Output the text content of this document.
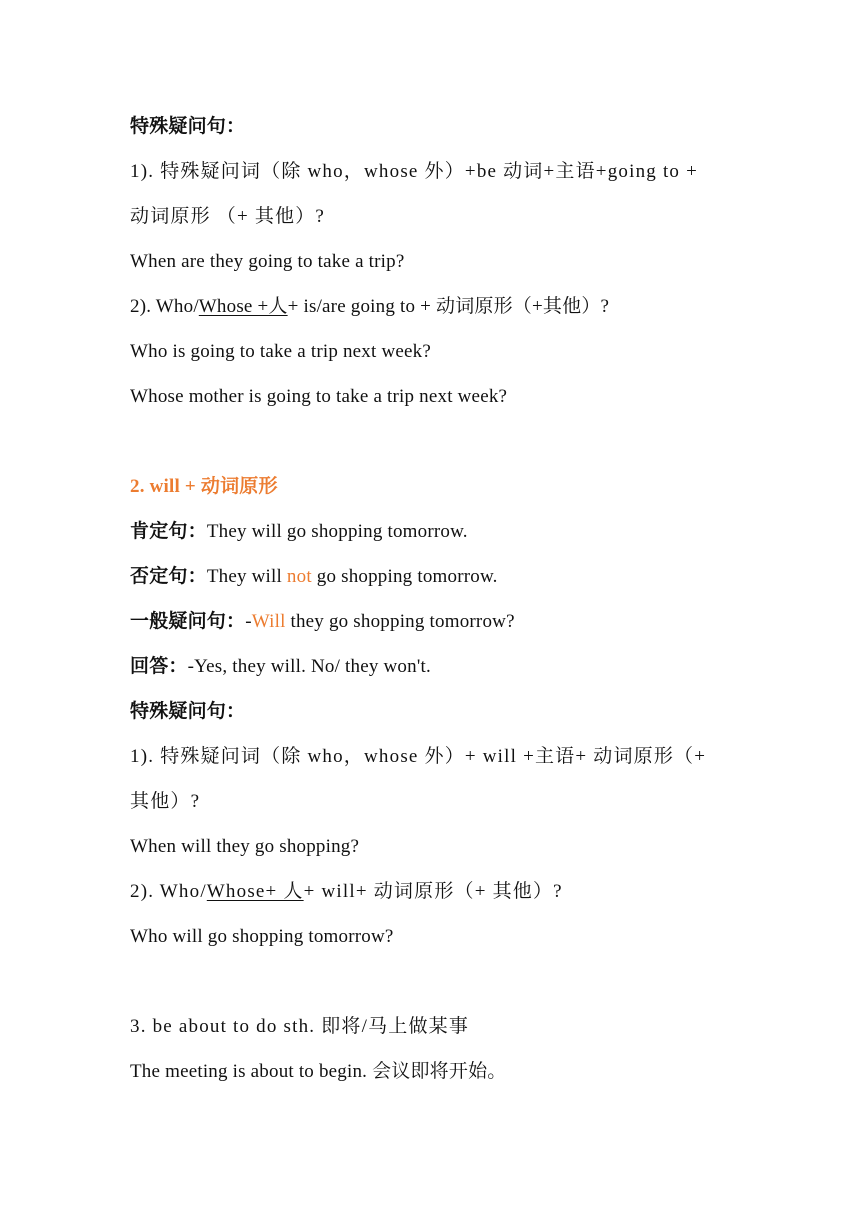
特殊疑问句：
1). 特殊疑问词（除 who，whose 外）+be 动词+主语+going to +
动词原形 （+ 其他）?
When are they going to take a trip?
2). Who/Whose +人+ is/are going to + 动词原形（+其他）?
Who is going to take a trip next week?
Whose mother is going to take a trip next week?
2. will + 动词原形
肯定句：They will go shopping tomorrow.
否定句：They will not go shopping tomorrow.
一般疑问句：-Will they go shopping tomorrow?
回答：-Yes, they will. No/ they won't.
特殊疑问句：
1). 特殊疑问词（除 who，whose 外）+ will +主语+ 动词原形（+
其他）?
When will they go shopping?
2). Who/Whose+ 人+ will+ 动词原形（+ 其他）?
Who will go shopping tomorrow?
3. be about to do sth. 即将/马上做某事
The meeting is about to begin. 会议即将开始。
